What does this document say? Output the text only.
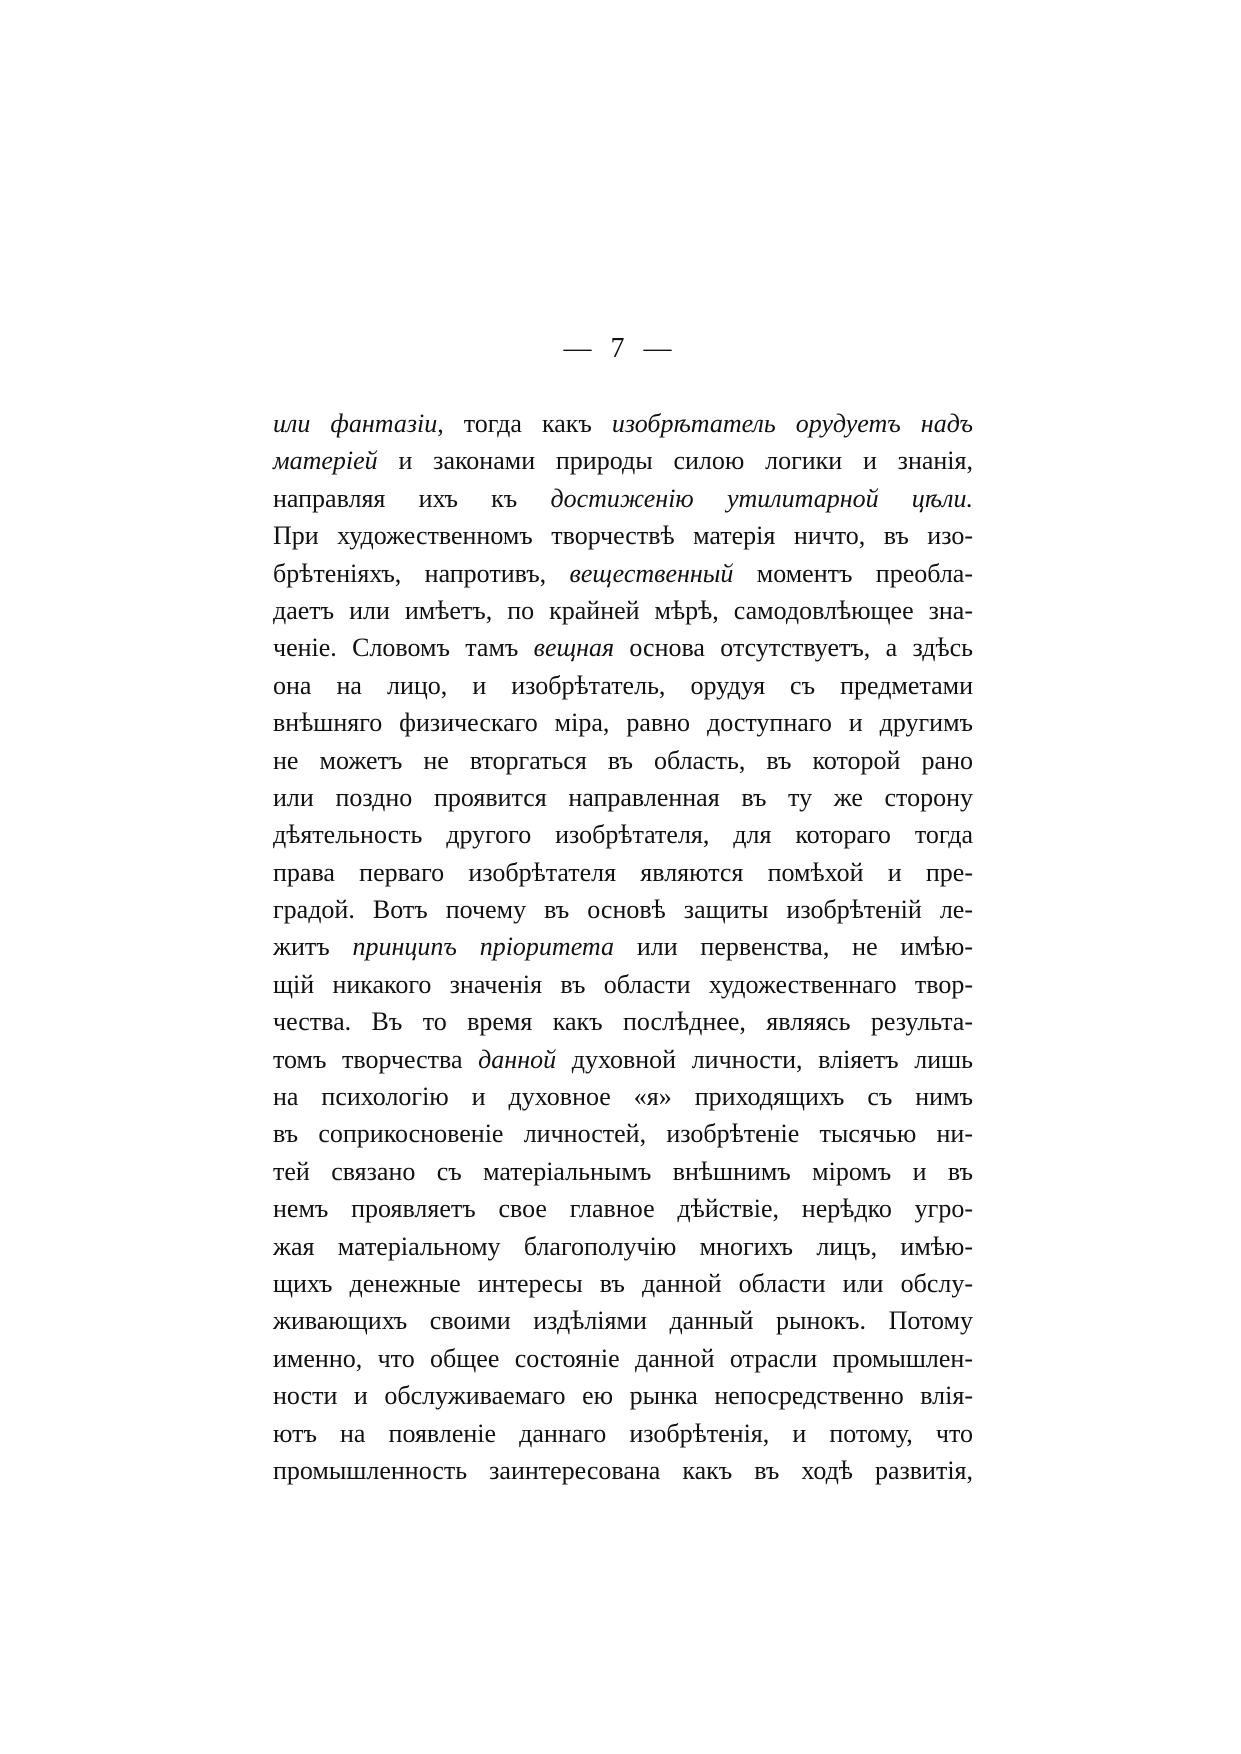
— 7 —
или фантазіи, тогда какъ изобрѣтатель орудуетъ надъ
матеріей и законами природы силою логики и знанія,
направляя ихъ къ достиженію утилитарной цѣли.
При художественномъ творчествѣ матерія ничто, въ изо-
брѣтеніяхъ, напротивъ, вещественный моментъ преобла-
даетъ или имѣетъ, по крайней мѣрѣ, самодовлѣющее зна-
ченіе. Словомъ тамъ вещная основа отсутствуетъ, а здѣсь
она на лицо, и изобрѣтатель, орудуя съ предметами
внѣшняго физическаго міра, равно доступнаго и другимъ
не можетъ не вторгаться въ область, въ которой рано
или поздно проявится направленная въ ту же сторону
дѣятельность другого изобрѣтателя, для котораго тогда
права перваго изобрѣтателя являются помѣхой и пре-
градой. Вотъ почему въ основѣ защиты изобрѣтеній ле-
житъ принципъ пріоритета или первенства, не имѣю-
щій никакого значенія въ области художественнаго твор-
чества. Въ то время какъ послѣднее, являясь результа-
томъ творчества данной духовной личности, вліяетъ лишь
на психологію и духовное «я» приходящихъ съ нимъ
въ соприкосновеніе личностей, изобрѣтеніе тысячью ни-
тей связано съ матеріальнымъ внѣшнимъ міромъ и въ
немъ проявляетъ свое главное дѣйствіе, нерѣдко угро-
жая матеріальному благополучію многихъ лицъ, имѣю-
щихъ денежные интересы въ данной области или обслу-
живающихъ своими издѣліями данный рынокъ. Потому
именно, что общее состояніе данной отрасли промышлен-
ности и обслуживаемаго ею рынка непосредственно влія-
ютъ на появленіе даннаго изобрѣтенія, и потому, что
промышленность заинтересована какъ въ ходѣ развитія,
